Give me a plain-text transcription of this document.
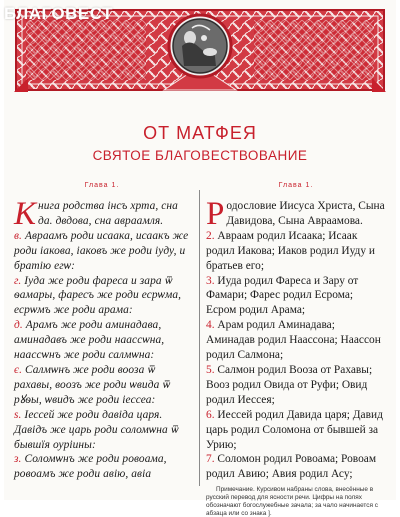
БЛАГОВЕСТ
ОТ МАТФЕЯ
СВЯТОЕ БЛАГОВЕСТВОВАНИЕ
Глава 1.

Книга родства інсъ хрта, сна да. двдова, сна авраамля.

в. Авраамъ роди исаака, исаакъ же роди іакова, іаковъ же роди іуду, и братію егѡ:

г. Іуда же роди фареса и зара ѿ ѳамары, фаресъ же роди есрѡма, есрѡмъ же роди арама:

д. Арамъ же роди аминадава, аминадавъ же роди наассѡна, наассѡнъ же роди салмѡна:

є. Салмѡнъ же роди вооза ѿ рахавы, воозъ же роди ѡвида ѿ рꙋѳы, ѡвидъ же роди іессеа:

ѕ. Іессей же роди давіда царя. Давідъ же царь роди соломѡна ѿ бывшїя оуріины:

з. Соломѡнъ же роди ровоама, ровоамъ же роди авію, авіа

Глава 1.

Родословие Иисуса Христа, Сына Давидова, Сына Авраамова.

2. Авраам родил Исаака; Исаак родил Иакова; Иаков родил Иуду и братьев его;

3. Иуда родил Фареса и Зару от Фамари; Фарес родил Есрома; Есром родил Арама;

4. Арам родил Аминадава; Аминадав родил Наассона; Наассон родил Салмона;

5. Салмон родил Вооза от Рахавы; Вооз родил Овида от Руфи; Овид родил Иессея;

6. Иессей родил Давида царя; Давид царь родил Соломона от бывшей за Урию;

7. Соломон родил Ровоама; Ровоам родил Авию; Авия родил Асу;

Примечание. Курсивом набраны слова, внесённые в русский перевод для ясности речи. Цифры на полях обозначают богослужебные зачала; за чало начинается с абзаца или со знака ].
